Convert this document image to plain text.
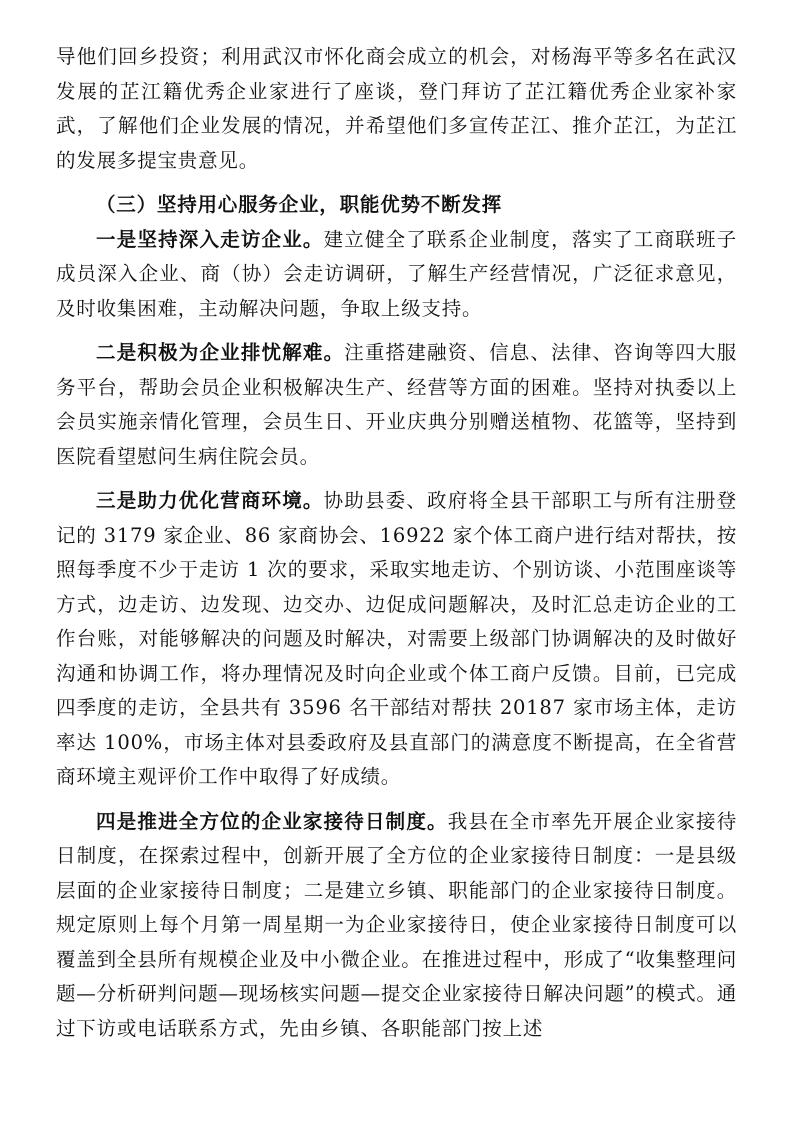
导他们回乡投资；利用武汉市怀化商会成立的机会，对杨海平等多名在武汉发展的芷江籍优秀企业家进行了座谈，登门拜访了芷江籍优秀企业家补家武，了解他们企业发展的情况，并希望他们多宣传芷江、推介芷江，为芷江的发展多提宝贵意见。

（三）坚持用心服务企业，职能优势不断发挥

一是坚持深入走访企业。建立健全了联系企业制度，落实了工商联班子成员深入企业、商（协）会走访调研，了解生产经营情况，广泛征求意见，及时收集困难，主动解决问题，争取上级支持。

二是积极为企业排忧解难。注重搭建融资、信息、法律、咨询等四大服务平台，帮助会员企业积极解决生产、经营等方面的困难。坚持对执委以上会员实施亲情化管理，会员生日、开业庆典分别赠送植物、花篮等，坚持到医院看望慰问生病住院会员。

三是助力优化营商环境。协助县委、政府将全县干部职工与所有注册登记的 3179 家企业、86 家商协会、16922 家个体工商户进行结对帮扶，按照每季度不少于走访 1 次的要求，采取实地走访、个别访谈、小范围座谈等方式，边走访、边发现、边交办、边促成问题解决，及时汇总走访企业的工作台账，对能够解决的问题及时解决，对需要上级部门协调解决的及时做好沟通和协调工作，将办理情况及时向企业或个体工商户反馈。目前，已完成四季度的走访，全县共有 3596 名干部结对帮扶 20187 家市场主体，走访率达 100%，市场主体对县委政府及县直部门的满意度不断提高，在全省营商环境主观评价工作中取得了好成绩。

四是推进全方位的企业家接待日制度。我县在全市率先开展企业家接待日制度，在探索过程中，创新开展了全方位的企业家接待日制度：一是县级层面的企业家接待日制度；二是建立乡镇、职能部门的企业家接待日制度。规定原则上每个月第一周星期一为企业家接待日，使企业家接待日制度可以覆盖到全县所有规模企业及中小微企业。在推进过程中，形成了“收集整理问题—分析研判问题—现场核实问题—提交企业家接待日解决问题”的模式。通过下访或电话联系方式，先由乡镇、各职能部门按上述
